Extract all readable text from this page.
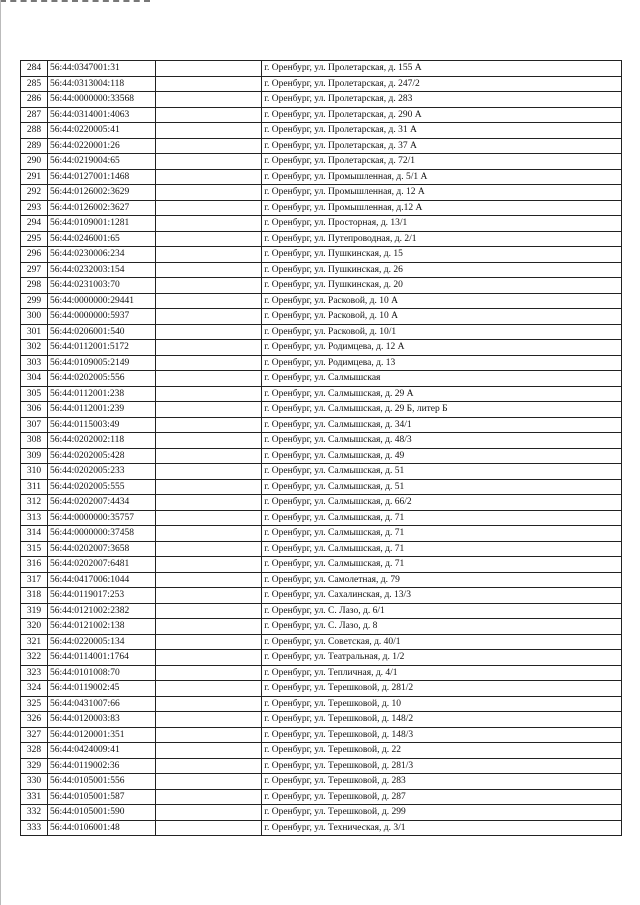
284	56:44:0347001:31		г. Оренбург, ул. Пролетарская, д. 155 А
285	56:44:0313004:118		г. Оренбург, ул. Пролетарская, д. 247/2
286	56:44:0000000:33568		г. Оренбург, ул. Пролетарская, д. 283
287	56:44:0314001:4063		г. Оренбург, ул. Пролетарская, д. 290 А
288	56:44:0220005:41		г. Оренбург, ул. Пролетарская, д. 31 А
289	56:44:0220001:26		г. Оренбург, ул. Пролетарская, д. 37 А
290	56:44:0219004:65		г. Оренбург, ул. Пролетарская, д. 72/1
291	56:44:0127001:1468		г. Оренбург, ул. Промышленная, д. 5/1 А
292	56:44:0126002:3629		г. Оренбург, ул. Промышленная, д. 12 А
293	56:44:0126002:3627		г. Оренбург, ул. Промышленная, д.12 А
294	56:44:0109001:1281		г. Оренбург, ул. Просторная, д. 13/1
295	56:44:0246001:65		г. Оренбург, ул. Путепроводная, д. 2/1
296	56:44:0230006:234		г. Оренбург, ул. Пушкинская, д. 15
297	56:44:0232003:154		г. Оренбург, ул. Пушкинская, д. 26
298	56:44:0231003:70		г. Оренбург, ул. Пушкинская, д. 20
299	56:44:0000000:29441		г. Оренбург, ул. Расковой, д. 10 А
300	56:44:0000000:5937		г. Оренбург, ул. Расковой, д. 10 А
301	56:44:0206001:540		г. Оренбург, ул. Расковой, д. 10/1
302	56:44:0112001:5172		г. Оренбург, ул. Родимцева, д. 12 А
303	56:44:0109005:2149		г. Оренбург, ул. Родимцева, д. 13
304	56:44:0202005:556		г. Оренбург, ул. Салмышская
305	56:44:0112001:238		г. Оренбург, ул. Салмышская, д. 29 А
306	56:44:0112001:239		г. Оренбург, ул. Салмышская, д. 29 Б, литер Б
307	56:44:0115003:49		г. Оренбург, ул. Салмышская, д. 34/1
308	56:44:0202002:118		г. Оренбург, ул. Салмышская, д. 48/3
309	56:44:0202005:428		г. Оренбург, ул. Салмышская, д. 49
310	56:44:0202005:233		г. Оренбург, ул. Салмышская, д. 51
311	56:44:0202005:555		г. Оренбург, ул. Салмышская, д. 51
312	56:44:0202007:4434		г. Оренбург, ул. Салмышская, д. 66/2
313	56:44:0000000:35757		г. Оренбург, ул. Салмышская, д. 71
314	56:44:0000000:37458		г. Оренбург, ул. Салмышская, д. 71
315	56:44:0202007:3658		г. Оренбург, ул. Салмышская, д. 71
316	56:44:0202007:6481		г. Оренбург, ул. Салмышская, д. 71
317	56:44:0417006:1044		г. Оренбург, ул. Самолетная, д. 79
318	56:44:0119017:253		г. Оренбург, ул. Сахалинская, д. 13/3
319	56:44:0121002:2382		г. Оренбург, ул. С. Лазо, д. 6/1
320	56:44:0121002:138		г. Оренбург, ул. С. Лазо, д. 8
321	56:44:0220005:134		г. Оренбург, ул. Советская, д. 40/1
322	56:44:0114001:1764		г. Оренбург, ул. Театральная, д. 1/2
323	56:44:0101008:70		г. Оренбург, ул. Тепличная, д. 4/1
324	56:44:0119002:45		г. Оренбург, ул. Терешковой, д. 281/2
325	56:44:0431007:66		г. Оренбург, ул. Терешковой, д. 10
326	56:44:0120003:83		г. Оренбург, ул. Терешковой, д. 148/2
327	56:44:0120001:351		г. Оренбург, ул. Терешковой, д. 148/3
328	56:44:0424009:41		г. Оренбург, ул. Терешковой, д. 22
329	56:44:0119002:36		г. Оренбург, ул. Терешковой, д. 281/3
330	56:44:0105001:556		г. Оренбург, ул. Терешковой, д. 283
331	56:44:0105001:587		г. Оренбург, ул. Терешковой, д. 287
332	56:44:0105001:590		г. Оренбург, ул. Терешковой, д. 299
333	56:44:0106001:48		г. Оренбург, ул. Техническая, д. 3/1
